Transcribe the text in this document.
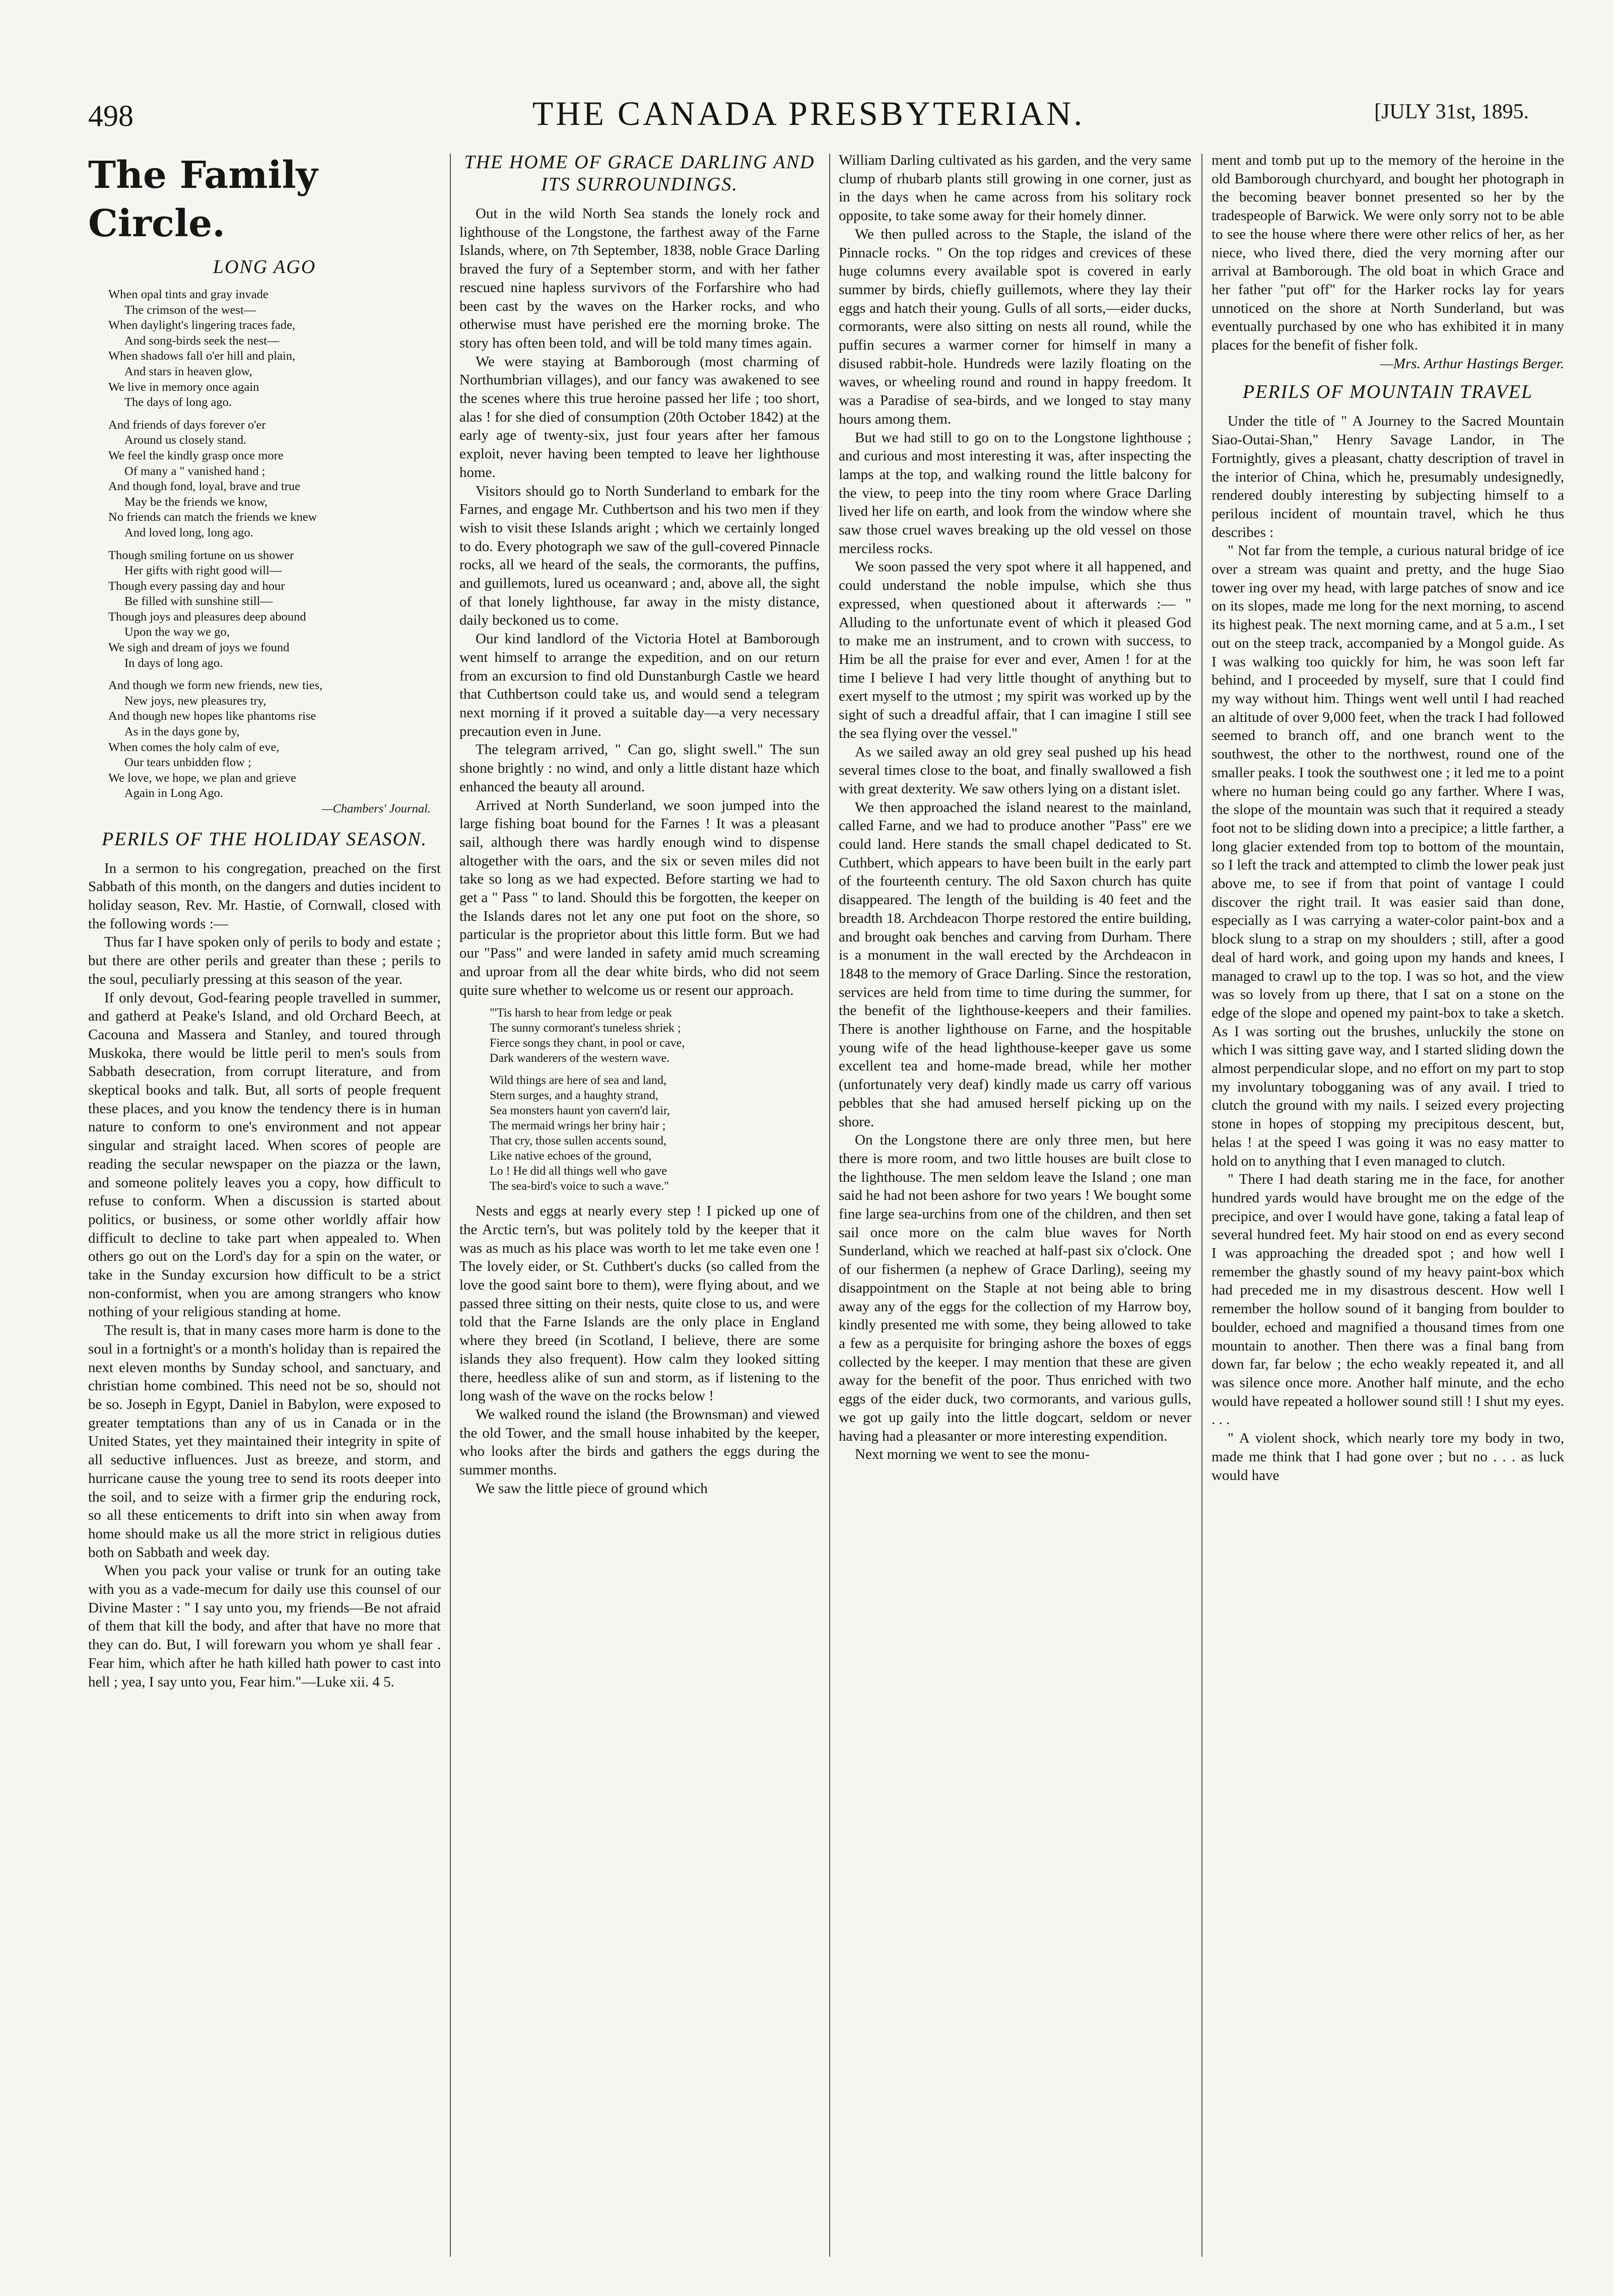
498	THE CANADA PRESBYTERIAN.	[JULY 31st, 1895.
The Family Circle.
LONG AGO
When opal tints and gray invade
The crimson of the west—
When daylight's lingering traces fade,
And song-birds seek the nest—
When shadows fall o'er hill and plain,
And stars in heaven glow,
We live in memory once again
The days of long ago.
And friends of days forever o'er
Around us closely stand.
We feel the kindly grasp once more
Of many a " vanished hand ;
And though fond, loyal, brave and true
May be the friends we know,
No friends can match the friends we knew
And loved long, long ago.
Though smiling fortune on us shower
Her gifts with right good will—
Though every passing day and hour
Be filled with sunshine still—
Though joys and pleasures deep abound
Upon the way we go,
We sigh and dream of joys we found
In days of long ago.
And though we form new friends, new ties,
New joys, new pleasures try,
And though new hopes like phantoms rise
As in the days gone by,
When comes the holy calm of eve,
Our tears unbidden flow ;
We love, we hope, we plan and grieve
Again in Long Ago.
—Chambers' Journal.
PERILS OF THE HOLIDAY SEASON.

In a sermon to his congregation, preached on the first Sabbath of this month, on the dangers and duties incident to holiday season, Rev. Mr. Hastie, of Cornwall, closed with the following words :—

Thus far I have spoken only of perils to body and estate ; but there are other perils and greater than these ; perils to the soul, peculiarly pressing at this season of the year.

If only devout, God-fearing people travelled in summer, and gatherd at Peake's Island, and old Orchard Beech, at Cacouna and Massera and Stanley, and toured through Muskoka, there would be little peril to men's souls from Sabbath desecration, from corrupt literature, and from skeptical books and talk. But, all sorts of people frequent these places, and you know the tendency there is in human nature to conform to one's environment and not appear singular and straight laced. When scores of people are reading the secular newspaper on the piazza or the lawn, and someone politely leaves you a copy, how difficult to refuse to conform. When a discussion is started about politics, or business, or some other worldly affair how difficult to decline to take part when appealed to. When others go out on the Lord's day for a spin on the water, or take in the Sunday excursion how difficult to be a strict non-conformist, when you are among strangers who know nothing of your religious standing at home.

The result is, that in many cases more harm is done to the soul in a fortnight's or a month's holiday than is repaired the next eleven months by Sunday school, and sanctuary, and christian home combined. This need not be so, should not be so. Joseph in Egypt, Daniel in Babylon, were exposed to greater temptations than any of us in Canada or in the United States, yet they maintained their integrity in spite of all seductive influences. Just as breeze, and storm, and hurricane cause the young tree to send its roots deeper into the soil, and to seize with a firmer grip the enduring rock, so all these enticements to drift into sin when away from home should make us all the more strict in religious duties both on Sabbath and week day.

When you pack your valise or trunk for an outing take with you as a vade-mecum for daily use this counsel of our Divine Master : " I say unto you, my friends—Be not afraid of them that kill the body, and after that have no more that they can do. But, I will forewarn you whom ye shall fear . Fear him, which after he hath killed hath power to cast into hell ; yea, I say unto you, Fear him."—Luke xii. 4 5.

THE HOME OF GRACE DARLING AND ITS SURROUNDINGS.

Out in the wild North Sea stands the lonely rock and lighthouse of the Longstone, the farthest away of the Farne Islands, where, on 7th September, 1838, noble Grace Darling braved the fury of a September storm, and with her father rescued nine hapless survivors of the Forfarshire who had been cast by the waves on the Harker rocks, and who otherwise must have perished ere the morning broke. The story has often been told, and will be told many times again.

We were staying at Bamborough (most charming of Northumbrian villages), and our fancy was awakened to see the scenes where this true heroine passed her life ; too short, alas ! for she died of consumption (20th October 1842) at the early age of twenty-six, just four years after her famous exploit, never having been tempted to leave her lighthouse home.

Visitors should go to North Sunderland to embark for the Farnes, and engage Mr. Cuthbertson and his two men if they wish to visit these Islands aright ; which we certainly longed to do. Every photograph we saw of the gull-covered Pinnacle rocks, all we heard of the seals, the cormorants, the puffins, and guillemots, lured us oceanward ; and, above all, the sight of that lonely lighthouse, far away in the misty distance, daily beckoned us to come.

Our kind landlord of the Victoria Hotel at Bamborough went himself to arrange the expedition, and on our return from an excursion to find old Dunstanburgh Castle we heard that Cuthbertson could take us, and would send a telegram next morning if it proved a suitable day—a very necessary precaution even in June.

The telegram arrived, " Can go, slight swell." The sun shone brightly : no wind, and only a little distant haze which enhanced the beauty all around.

Arrived at North Sunderland, we soon jumped into the large fishing boat bound for the Farnes ! It was a pleasant sail, although there was hardly enough wind to dispense altogether with the oars, and the six or seven miles did not take so long as we had expected. Before starting we had to get a " Pass " to land. Should this be forgotten, the keeper on the Islands dares not let any one put foot on the shore, so particular is the proprietor about this little form. But we had our "Pass" and were landed in safety amid much screaming and uproar from all the dear white birds, who did not seem quite sure whether to welcome us or resent our approach.

"'Tis harsh to hear from ledge or peak
The sunny cormorant's tuneless shriek ;
Fierce songs they chant, in pool or cave,
Dark wanderers of the western wave.
Wild things are here of sea and land,
Stern surges, and a haughty strand,
Sea monsters haunt yon cavern'd lair,
The mermaid wrings her briny hair ;
That cry, those sullen accents sound,
Like native echoes of the ground,
Lo ! He did all things well who gave
The sea-bird's voice to such a wave."

Nests and eggs at nearly every step ! I picked up one of the Arctic tern's, but was politely told by the keeper that it was as much as his place was worth to let me take even one ! The lovely eider, or St. Cuthbert's ducks (so called from the love the good saint bore to them), were flying about, and we passed three sitting on their nests, quite close to us, and were told that the Farne Islands are the only place in England where they breed (in Scotland, I believe, there are some islands they also frequent). How calm they looked sitting there, heedless alike of sun and storm, as if listening to the long wash of the wave on the rocks below !

We walked round the island (the Brownsman) and viewed the old Tower, and the small house inhabited by the keeper, who looks after the birds and gathers the eggs during the summer months.

We saw the little piece of ground which

William Darling cultivated as his garden, and the very same clump of rhubarb plants still growing in one corner, just as in the days when he came across from his solitary rock opposite, to take some away for their homely dinner.

We then pulled across to the Staple, the island of the Pinnacle rocks. " On the top ridges and crevices of these huge columns every available spot is covered in early summer by birds, chiefly guillemots, where they lay their eggs and hatch their young. Gulls of all sorts,—eider ducks, cormorants, were also sitting on nests all round, while the puffin secures a warmer corner for himself in many a disused rabbit-hole. Hundreds were lazily floating on the waves, or wheeling round and round in happy freedom. It was a Paradise of sea-birds, and we longed to stay many hours among them.

But we had still to go on to the Longstone lighthouse ; and curious and most interesting it was, after inspecting the lamps at the top, and walking round the little balcony for the view, to peep into the tiny room where Grace Darling lived her life on earth, and look from the window where she saw those cruel waves breaking up the old vessel on those merciless rocks.

We soon passed the very spot where it all happened, and could understand the noble impulse, which she thus expressed, when questioned about it afterwards :— " Alluding to the unfortunate event of which it pleased God to make me an instrument, and to crown with success, to Him be all the praise for ever and ever, Amen ! for at the time I believe I had very little thought of anything but to exert myself to the utmost ; my spirit was worked up by the sight of such a dreadful affair, that I can imagine I still see the sea flying over the vessel."

As we sailed away an old grey seal pushed up his head several times close to the boat, and finally swallowed a fish with great dexterity. We saw others lying on a distant islet.

We then approached the island nearest to the mainland, called Farne, and we had to produce another "Pass" ere we could land. Here stands the small chapel dedicated to St. Cuthbert, which appears to have been built in the early part of the fourteenth century. The old Saxon church has quite disappeared. The length of the building is 40 feet and the breadth 18. Archdeacon Thorpe restored the entire building, and brought oak benches and carving from Durham. There is a monument in the wall erected by the Archdeacon in 1848 to the memory of Grace Darling. Since the restoration, services are held from time to time during the summer, for the benefit of the lighthouse-keepers and their families. There is another lighthouse on Farne, and the hospitable young wife of the head lighthouse-keeper gave us some excellent tea and home-made bread, while her mother (unfortunately very deaf) kindly made us carry off various pebbles that she had amused herself picking up on the shore.

On the Longstone there are only three men, but here there is more room, and two little houses are built close to the lighthouse. The men seldom leave the Island ; one man said he had not been ashore for two years ! We bought some fine large sea-urchins from one of the children, and then set sail once more on the calm blue waves for North Sunderland, which we reached at half-past six o'clock. One of our fishermen (a nephew of Grace Darling), seeing my disappointment on the Staple at not being able to bring away any of the eggs for the collection of my Harrow boy, kindly presented me with some, they being allowed to take a few as a perquisite for bringing ashore the boxes of eggs collected by the keeper. I may mention that these are given away for the benefit of the poor. Thus enriched with two eggs of the eider duck, two cormorants, and various gulls, we got up gaily into the little dogcart, seldom or never having had a pleasanter or more interesting expendition.

Next morning we went to see the monu-

ment and tomb put up to the memory of the heroine in the old Bamborough churchyard, and bought her photograph in the becoming beaver bonnet presented so her by the tradespeople of Barwick. We were only sorry not to be able to see the house where there were other relics of her, as her niece, who lived there, died the very morning after our arrival at Bamborough. The old boat in which Grace and her father "put off" for the Harker rocks lay for years unnoticed on the shore at North Sunderland, but was eventually purchased by one who has exhibited it in many places for the benefit of fisher folk.

—Mrs. Arthur Hastings Berger.
PERILS OF MOUNTAIN TRAVEL

Under the title of " A Journey to the Sacred Mountain Siao-Outai-Shan," Henry Savage Landor, in The Fortnightly, gives a pleasant, chatty description of travel in the interior of China, which he, presumably undesignedly, rendered doubly interesting by subjecting himself to a perilous incident of mountain travel, which he thus describes :

" Not far from the temple, a curious natural bridge of ice over a stream was quaint and pretty, and the huge Siao tower ing over my head, with large patches of snow and ice on its slopes, made me long for the next morning, to ascend its highest peak. The next morning came, and at 5 a.m., I set out on the steep track, accompanied by a Mongol guide. As I was walking too quickly for him, he was soon left far behind, and I proceeded by myself, sure that I could find my way without him. Things went well until I had reached an altitude of over 9,000 feet, when the track I had followed seemed to branch off, and one branch went to the southwest, the other to the northwest, round one of the smaller peaks. I took the southwest one ; it led me to a point where no human being could go any farther. Where I was, the slope of the mountain was such that it required a steady foot not to be sliding down into a precipice; a little farther, a long glacier extended from top to bottom of the mountain, so I left the track and attempted to climb the lower peak just above me, to see if from that point of vantage I could discover the right trail. It was easier said than done, especially as I was carrying a water-color paint-box and a block slung to a strap on my shoulders ; still, after a good deal of hard work, and going upon my hands and knees, I managed to crawl up to the top. I was so hot, and the view was so lovely from up there, that I sat on a stone on the edge of the slope and opened my paint-box to take a sketch. As I was sorting out the brushes, unluckily the stone on which I was sitting gave way, and I started sliding down the almost perpendicular slope, and no effort on my part to stop my involuntary tobogganing was of any avail. I tried to clutch the ground with my nails. I seized every projecting stone in hopes of stopping my precipitous descent, but, helas ! at the speed I was going it was no easy matter to hold on to anything that I even managed to clutch.

" There I had death staring me in the face, for another hundred yards would have brought me on the edge of the precipice, and over I would have gone, taking a fatal leap of several hundred feet. My hair stood on end as every second I was approaching the dreaded spot ; and how well I remember the ghastly sound of my heavy paint-box which had preceded me in my disastrous descent. How well I remember the hollow sound of it banging from boulder to boulder, echoed and magnified a thousand times from one mountain to another. Then there was a final bang from down far, far below ; the echo weakly repeated it, and all was silence once more. Another half minute, and the echo would have repeated a hollower sound still ! I shut my eyes. . . .

" A violent shock, which nearly tore my body in two, made me think that I had gone over ; but no . . . as luck would have
